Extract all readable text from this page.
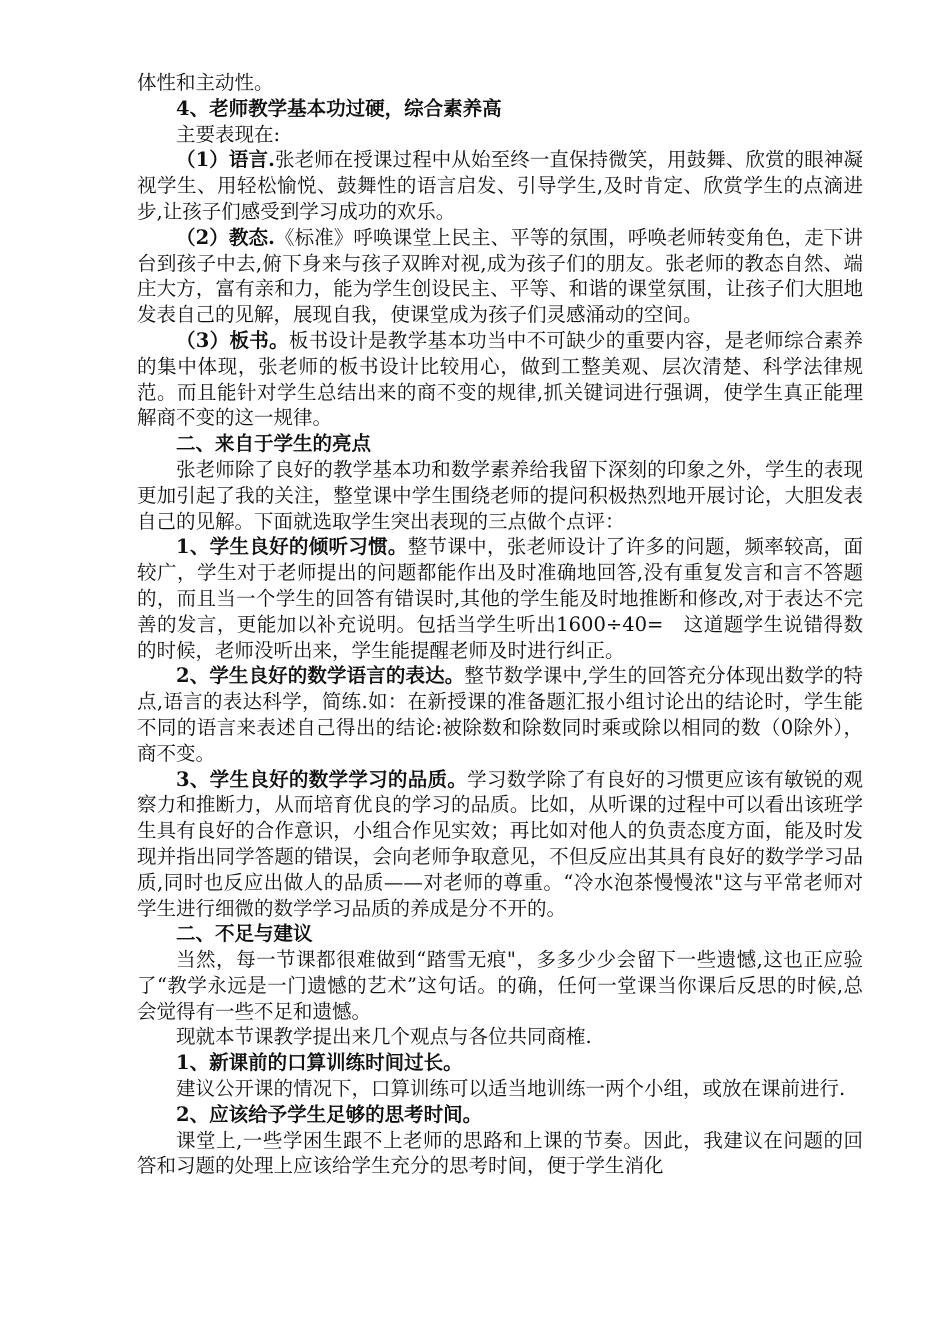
体性和主动性。

4、老师教学基本功过硬，综合素养高

主要表现在:

（1）语言.张老师在授课过程中从始至终一直保持微笑，用鼓舞、欣赏的眼神凝视学生、用轻松愉悦、鼓舞性的语言启发、引导学生,及时肯定、欣赏学生的点滴进步,让孩子们感受到学习成功的欢乐。

（2）教态.《标准》呼唤课堂上民主、平等的氛围，呼唤老师转变角色，走下讲台到孩子中去,俯下身来与孩子双眸对视,成为孩子们的朋友。张老师的教态自然、端庄大方，富有亲和力，能为学生创设民主、平等、和谐的课堂氛围，让孩子们大胆地发表自己的见解，展现自我，使课堂成为孩子们灵感涌动的空间。

（3）板书。板书设计是教学基本功当中不可缺少的重要内容，是老师综合素养的集中体现，张老师的板书设计比较用心，做到工整美观、层次清楚、科学法律规范。而且能针对学生总结出来的商不变的规律,抓关键词进行强调，使学生真正能理解商不变的这一规律。

二、来自于学生的亮点

张老师除了良好的教学基本功和数学素养给我留下深刻的印象之外，学生的表现更加引起了我的关注，整堂课中学生围绕老师的提问积极热烈地开展讨论，大胆发表自己的见解。下面就选取学生突出表现的三点做个点评：

1、学生良好的倾听习惯。整节课中，张老师设计了许多的问题，频率较高，面较广，学生对于老师提出的问题都能作出及时准确地回答,没有重复发言和言不答题的，而且当一个学生的回答有错误时,其他的学生能及时地推断和修改,对于表达不完善的发言，更能加以补充说明。包括当学生听出1600÷40=　这道题学生说错得数的时候，老师没听出来，学生能提醒老师及时进行纠正。

2、学生良好的数学语言的表达。整节数学课中,学生的回答充分体现出数学的特点,语言的表达科学，简练.如：在新授课的准备题汇报小组讨论出的结论时，学生能不同的语言来表述自己得出的结论:被除数和除数同时乘或除以相同的数（0除外），商不变。

3、学生良好的数学学习的品质。学习数学除了有良好的习惯更应该有敏锐的观察力和推断力，从而培育优良的学习的品质。比如，从听课的过程中可以看出该班学生具有良好的合作意识，小组合作见实效；再比如对他人的负责态度方面，能及时发现并指出同学答题的错误，会向老师争取意见，不但反应出其具有良好的数学学习品质,同时也反应出做人的品质——对老师的尊重。“冷水泡茶慢慢浓"这与平常老师对学生进行细微的数学学习品质的养成是分不开的。

二、不足与建议

当然，每一节课都很难做到“踏雪无痕"，多多少少会留下一些遗憾,这也正应验了“教学永远是一门遗憾的艺术”这句话。的确，任何一堂课当你课后反思的时候,总会觉得有一些不足和遗憾。

现就本节课教学提出来几个观点与各位共同商榷.

1、新课前的口算训练时间过长。

建议公开课的情况下，口算训练可以适当地训练一两个小组，或放在课前进行.

2、应该给予学生足够的思考时间。

课堂上,一些学困生跟不上老师的思路和上课的节奏。因此，我建议在问题的回答和习题的处理上应该给学生充分的思考时间，便于学生消化
